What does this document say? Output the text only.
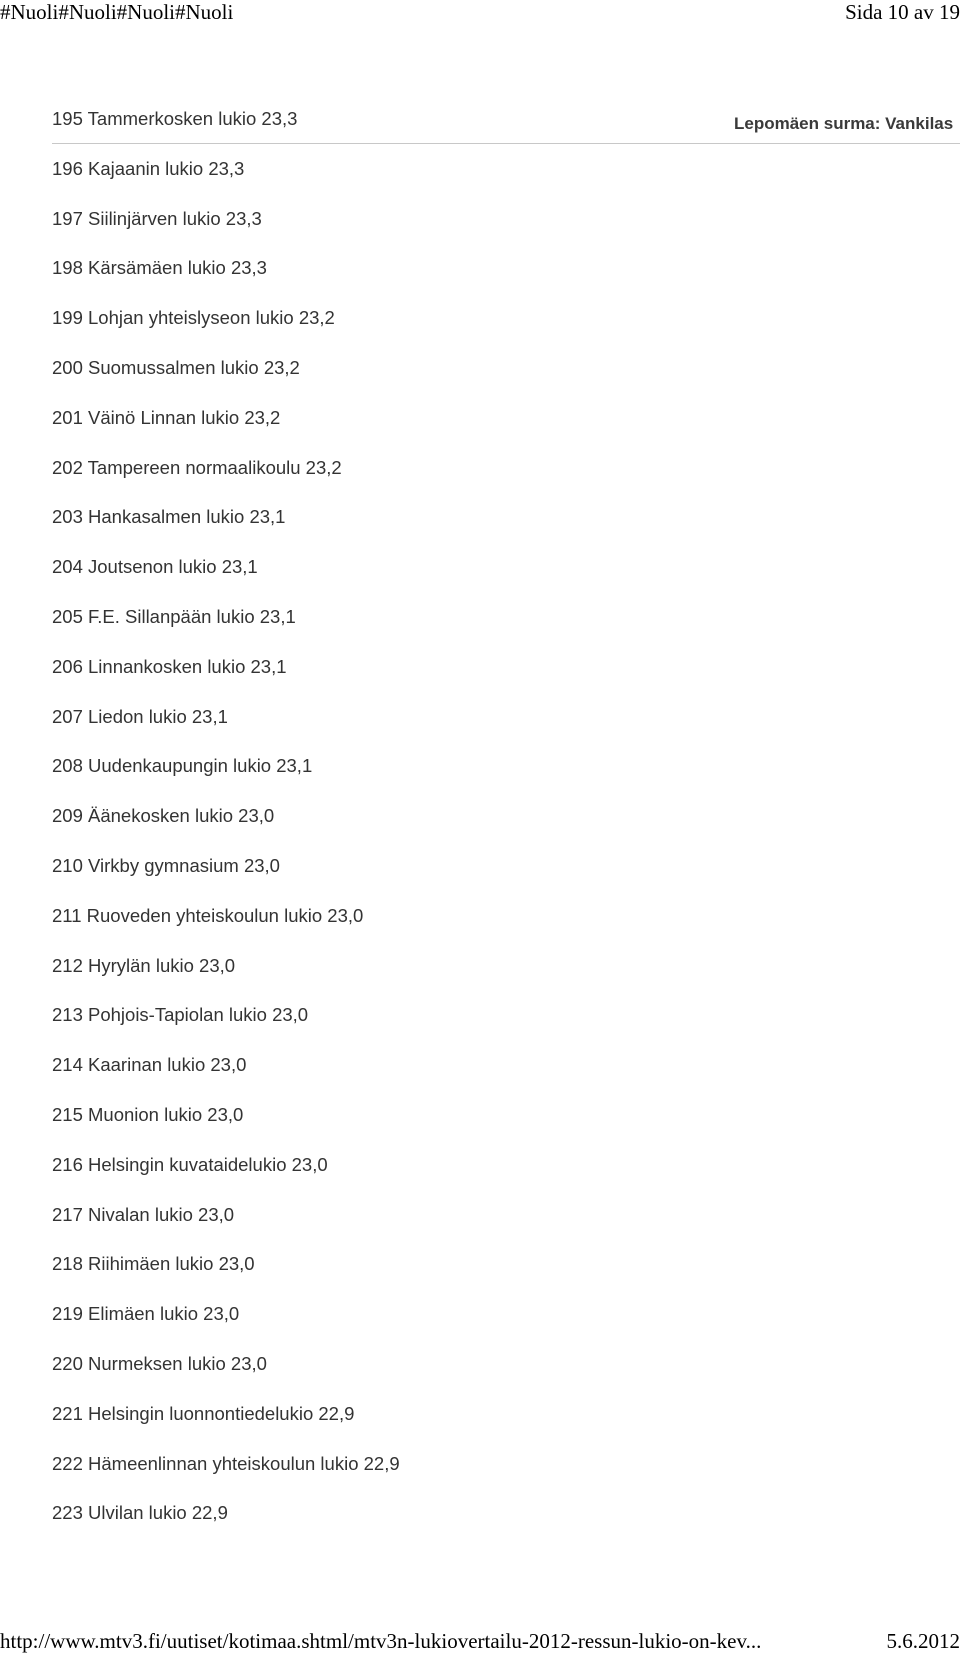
#Nuoli#Nuoli#Nuoli#Nuoli	Sida 10 av 19
Lepomäen surma: Vankilas
195 Tammerkosken lukio 23,3
196 Kajaanin lukio 23,3
197 Siilinjärven lukio 23,3
198 Kärsämäen lukio 23,3
199 Lohjan yhteislyseon lukio 23,2
200 Suomussalmen lukio 23,2
201 Väinö Linnan lukio 23,2
202 Tampereen normaalikoulu 23,2
203 Hankasalmen lukio 23,1
204 Joutsenon lukio 23,1
205 F.E. Sillanpään lukio 23,1
206 Linnankosken lukio 23,1
207 Liedon lukio 23,1
208 Uudenkaupungin lukio 23,1
209 Äänekosken lukio 23,0
210 Virkby gymnasium 23,0
211 Ruoveden yhteiskoulun lukio 23,0
212 Hyrylän lukio 23,0
213 Pohjois-Tapiolan lukio 23,0
214 Kaarinan lukio 23,0
215 Muonion lukio 23,0
216 Helsingin kuvataidelukio 23,0
217 Nivalan lukio 23,0
218 Riihimäen lukio 23,0
219 Elimäen lukio 23,0
220 Nurmeksen lukio 23,0
221 Helsingin luonnontiedelukio 22,9
222 Hämeenlinnan yhteiskoulun lukio 22,9
223 Ulvilan lukio 22,9
http://www.mtv3.fi/uutiset/kotimaa.shtml/mtv3n-lukiovertailu-2012-ressun-lukio-on-kev...	5.6.2012
